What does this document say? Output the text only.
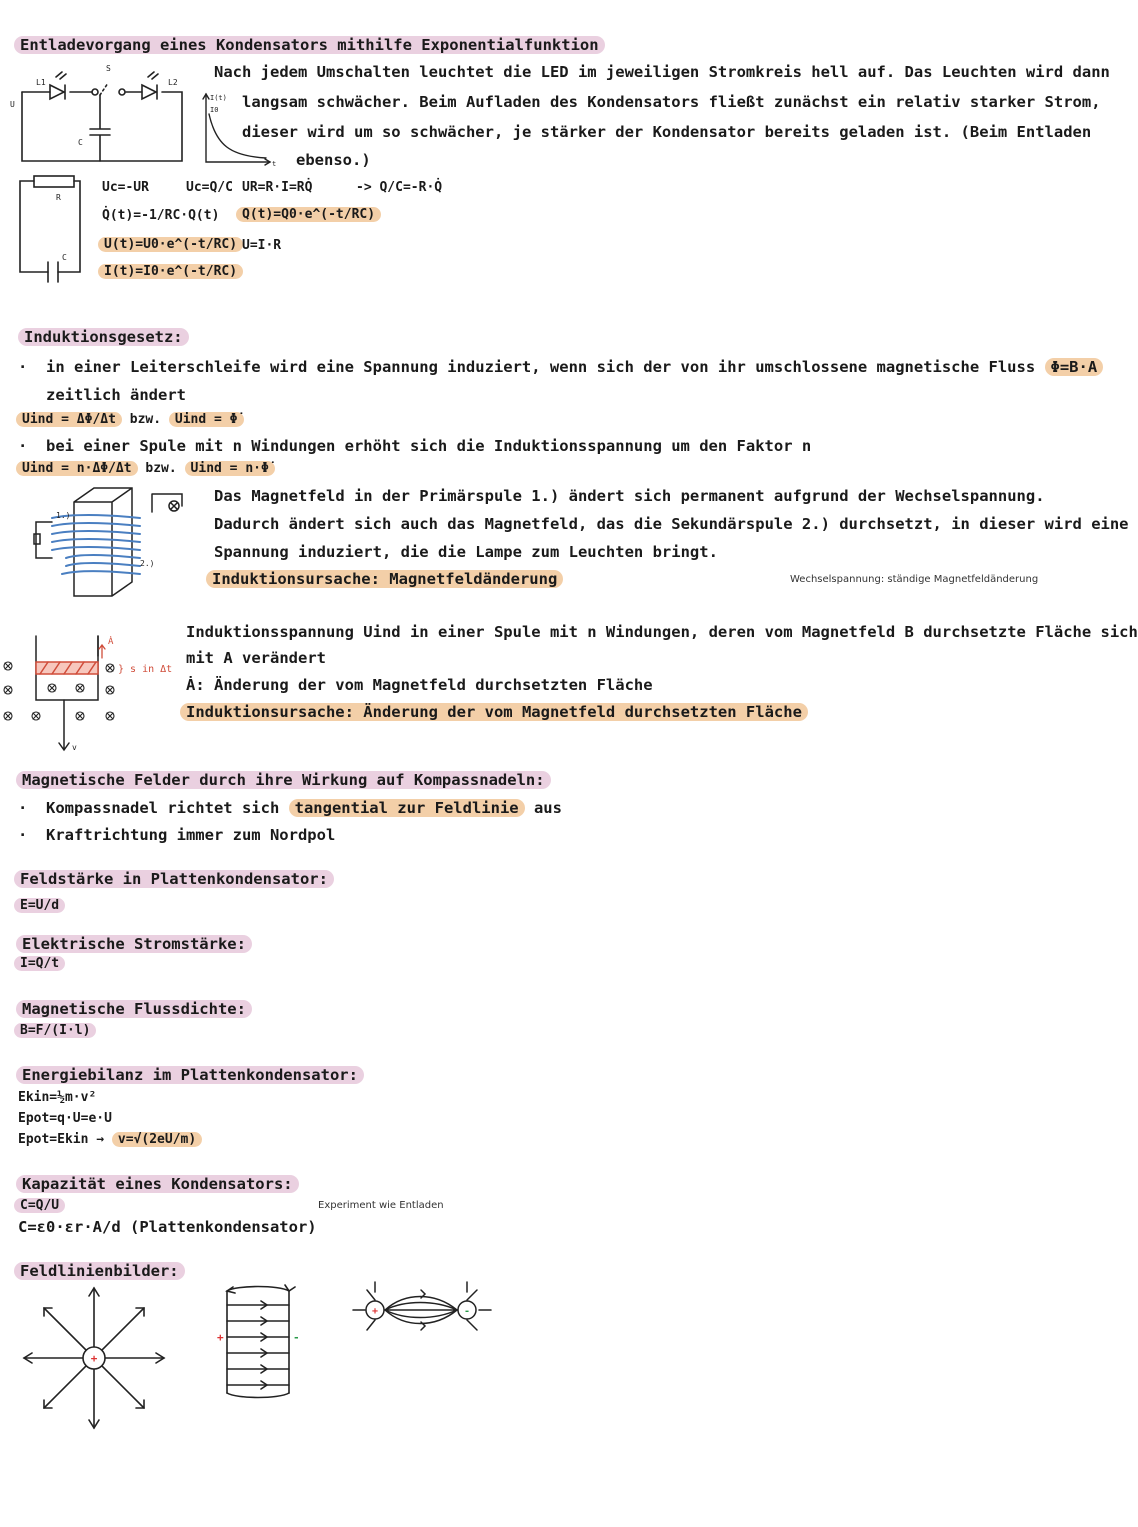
Entladevorgang eines Kondensators mithilfe Exponentialfunktion
L1	L2
S
C
U
I(t)
I0
t
Nach jedem Umschalten leuchtet die LED im jeweiligen Stromkreis hell auf. Das Leuchten wird dann
langsam schwächer. Beim Aufladen des Kondensators fließt zunächst ein relativ starker Strom,
dieser wird um so schwächer, je stärker der Kondensator bereits geladen ist. (Beim Entladen
ebenso.)
R
C
Uc=-UR	Uc=Q/C UR=R·I=RQ̇	-> Q/C=-R·Q̇
Q̇(t)=-1/RC·Q(t)	Q(t)=Q0·e^(-t/RC)
U(t)=U0·e^(-t/RC) U=I·R
I(t)=I0·e^(-t/RC)
Induktionsgesetz:
· in einer Leiterschleife wird eine Spannung induziert, wenn sich der von ihr umschlossene magnetische Fluss Φ=B·A
zeitlich ändert
Uind = ΔΦ/Δt bzw. Uind = Φ̇
· bei einer Spule mit n Windungen erhöht sich die Induktionsspannung um den Faktor n
Uind = n·ΔΦ/Δt bzw. Uind = n·Φ̇
1.)
2.)
Das Magnetfeld in der Primärspule 1.) ändert sich permanent aufgrund der Wechselspannung.
Dadurch ändert sich auch das Magnetfeld, das die Sekundärspule 2.) durchsetzt, in dieser wird eine
Spannung induziert, die die Lampe zum Leuchten bringt.
Induktionsursache: Magnetfeldänderung	Wechselspannung: ständige Magnetfeldänderung
Ȧ
} s in Δt
v
Induktionsspannung Uind in einer Spule mit n Windungen, deren vom Magnetfeld B durchsetzte Fläche sich
mit A verändert
Ȧ: Änderung der vom Magnetfeld durchsetzten Fläche
Induktionsursache: Änderung der vom Magnetfeld durchsetzten Fläche
Magnetische Felder durch ihre Wirkung auf Kompassnadeln:
· Kompassnadel richtet sich tangential zur Feldlinie aus
· Kraftrichtung immer zum Nordpol
Feldstärke in Plattenkondensator:
E=U/d
Elektrische Stromstärke:
I=Q/t
Magnetische Flussdichte:
B=F/(I·l)
Energiebilanz im Plattenkondensator:
Ekin=½m·v²
Epot=q·U=e·U
Epot=Ekin → v=√(2eU/m)
Kapazität eines Kondensators:
C=Q/U
C=ε0·εr·A/d (Plattenkondensator)
Experiment wie Entladen
Feldlinienbilder:
+
+	-
+	-
